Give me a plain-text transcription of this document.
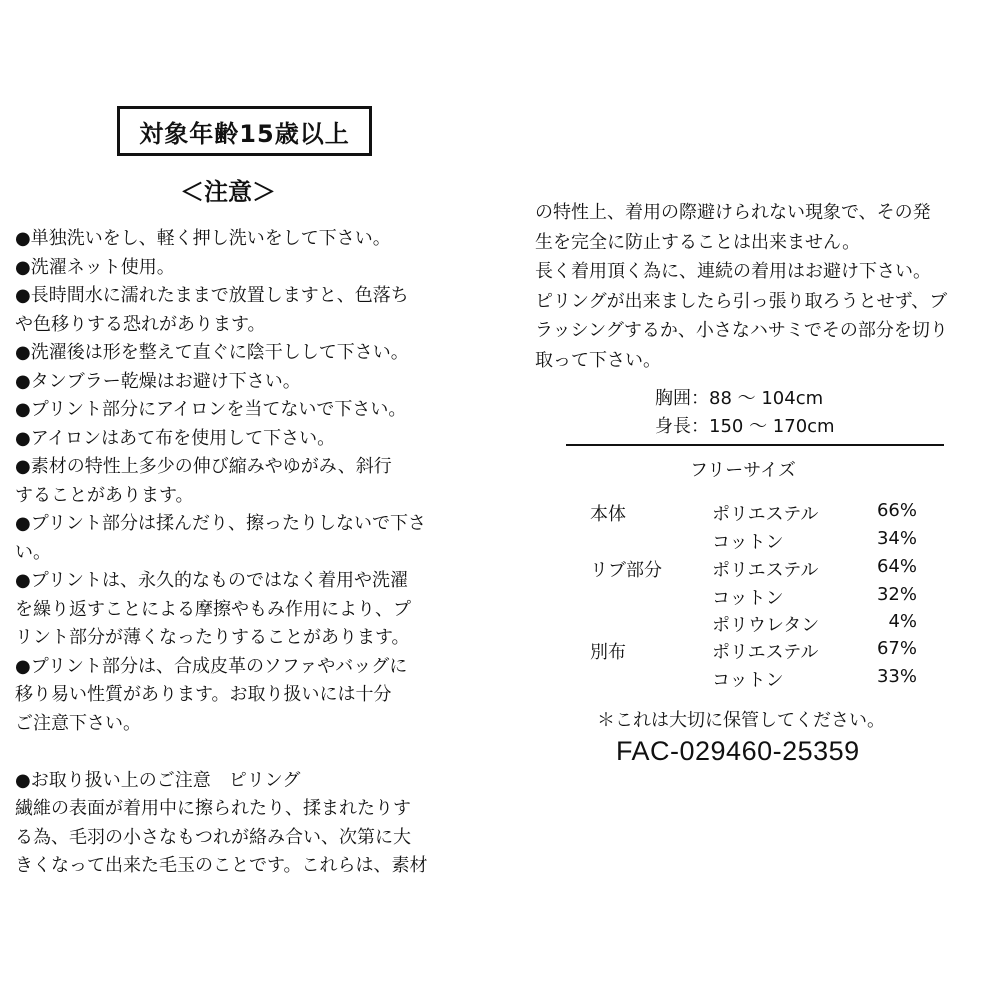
対象年齢15歳以上
＜注意＞
●単独洗いをし、軽く押し洗いをして下さい。
●洗濯ネット使用。
●長時間水に濡れたままで放置しますと、色落ち
や色移りする恐れがあります。
●洗濯後は形を整えて直ぐに陰干しして下さい。
●タンブラー乾燥はお避け下さい。
●プリント部分にアイロンを当てないで下さい。
●アイロンはあて布を使用して下さい。
●素材の特性上多少の伸び縮みやゆがみ、斜行
することがあります。
●プリント部分は揉んだり、擦ったりしないで下さ
い。
●プリントは、永久的なものではなく着用や洗濯
を繰り返すことによる摩擦やもみ作用により、プ
リント部分が薄くなったりすることがあります。
●プリント部分は、合成皮革のソファやバッグに
移り易い性質があります。お取り扱いには十分
ご注意下さい。
●お取り扱い上のご注意　ピリング
繊維の表面が着用中に擦られたり、揉まれたりす
る為、毛羽の小さなもつれが絡み合い、次第に大
きくなって出来た毛玉のことです。これらは、素材
の特性上、着用の際避けられない現象で、その発
生を完全に防止することは出来ません。
長く着用頂く為に、連続の着用はお避け下さい。
ピリングが出来ましたら引っ張り取ろうとせず、ブ
ラッシングするか、小さなハサミでその部分を切り
取って下さい。
胸囲：88 ～ 104cm
身長：150 ～ 170cm
フリーサイズ
本体	ポリエステル	66%
コットン	34%
リブ部分	ポリエステル	64%
コットン	32%
ポリウレタン	4%
別布	ポリエステル	67%
コットン	33%
＊これは大切に保管してください。
FAC-029460-25359
